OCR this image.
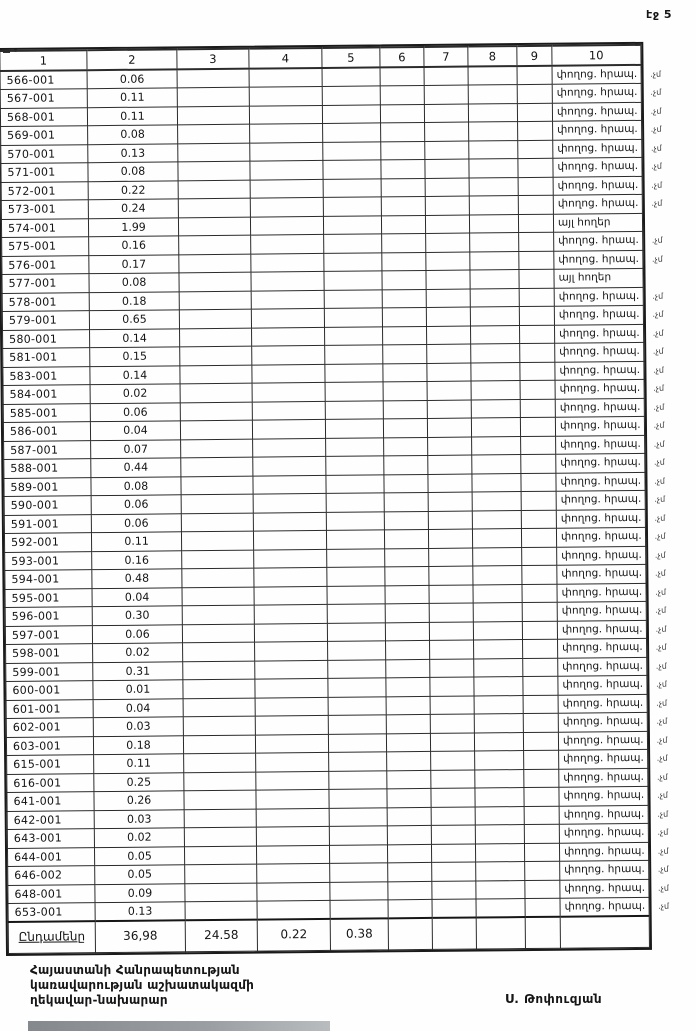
էջ 5
1	2	3	4	5	6	7	8	9	10	
566-001	0.06								փողոց. հրապ.	.չմ
567-001	0.11								փողոց. հրապ.	.չմ
568-001	0.11								փողոց. հրապ.	.չմ
569-001	0.08								փողոց. հրապ.	.չմ
570-001	0.13								փողոց. հրապ.	.չմ
571-001	0.08								փողոց. հրապ.	.չմ
572-001	0.22								փողոց. հրապ.	.չմ
573-001	0.24								փողոց. հրապ.	.չմ
574-001	1.99								այլ հողեր	
575-001	0.16								փողոց. հրապ.	.չմ
576-001	0.17								փողոց. հրապ.	.չմ
577-001	0.08								այլ հողեր	
578-001	0.18								փողոց. հրապ.	.չմ
579-001	0.65								փողոց. հրապ.	.չմ
580-001	0.14								փողոց. հրապ.	.չմ
581-001	0.15								փողոց. հրապ.	.չմ
583-001	0.14								փողոց. հրապ.	.չմ
584-001	0.02								փողոց. հրապ.	.չմ
585-001	0.06								փողոց. հրապ.	.չմ
586-001	0.04								փողոց. հրապ.	.չմ
587-001	0.07								փողոց. հրապ.	.չմ
588-001	0.44								փողոց. հրապ.	.չմ
589-001	0.08								փողոց. հրապ.	.չմ
590-001	0.06								փողոց. հրապ.	.չմ
591-001	0.06								փողոց. հրապ.	.չմ
592-001	0.11								փողոց. հրապ.	.չմ
593-001	0.16								փողոց. հրապ.	.չմ
594-001	0.48								փողոց. հրապ.	.չմ
595-001	0.04								փողոց. հրապ.	.չմ
596-001	0.30								փողոց. հրապ.	.չմ
597-001	0.06								փողոց. հրապ.	.չմ
598-001	0.02								փողոց. հրապ.	.չմ
599-001	0.31								փողոց. հրապ.	.չմ
600-001	0.01								փողոց. հրապ.	.չմ
601-001	0.04								փողոց. հրապ.	.չմ
602-001	0.03								փողոց. հրապ.	.չմ
603-001	0.18								փողոց. հրապ.	.չմ
615-001	0.11								փողոց. հրապ.	.չմ
616-001	0.25								փողոց. հրապ.	.չմ
641-001	0.26								փողոց. հրապ.	.չմ
642-001	0.03								փողոց. հրապ.	.չմ
643-001	0.02								փողոց. հրապ.	.չմ
644-001	0.05								փողոց. հրապ.	.չմ
646-002	0.05								փողոց. հրապ.	.չմ
648-001	0.09								փողոց. հրապ.	.չմ
653-001	0.13								փողոց. հրապ.	.չմ
Ընդամենը	36,98	24.58	0.22	0.38						
Հայաստանի Հանրապետության
կառավարության աշխատակազմի
ղեկավար-նախարար	Ս. Թոփուզյան
